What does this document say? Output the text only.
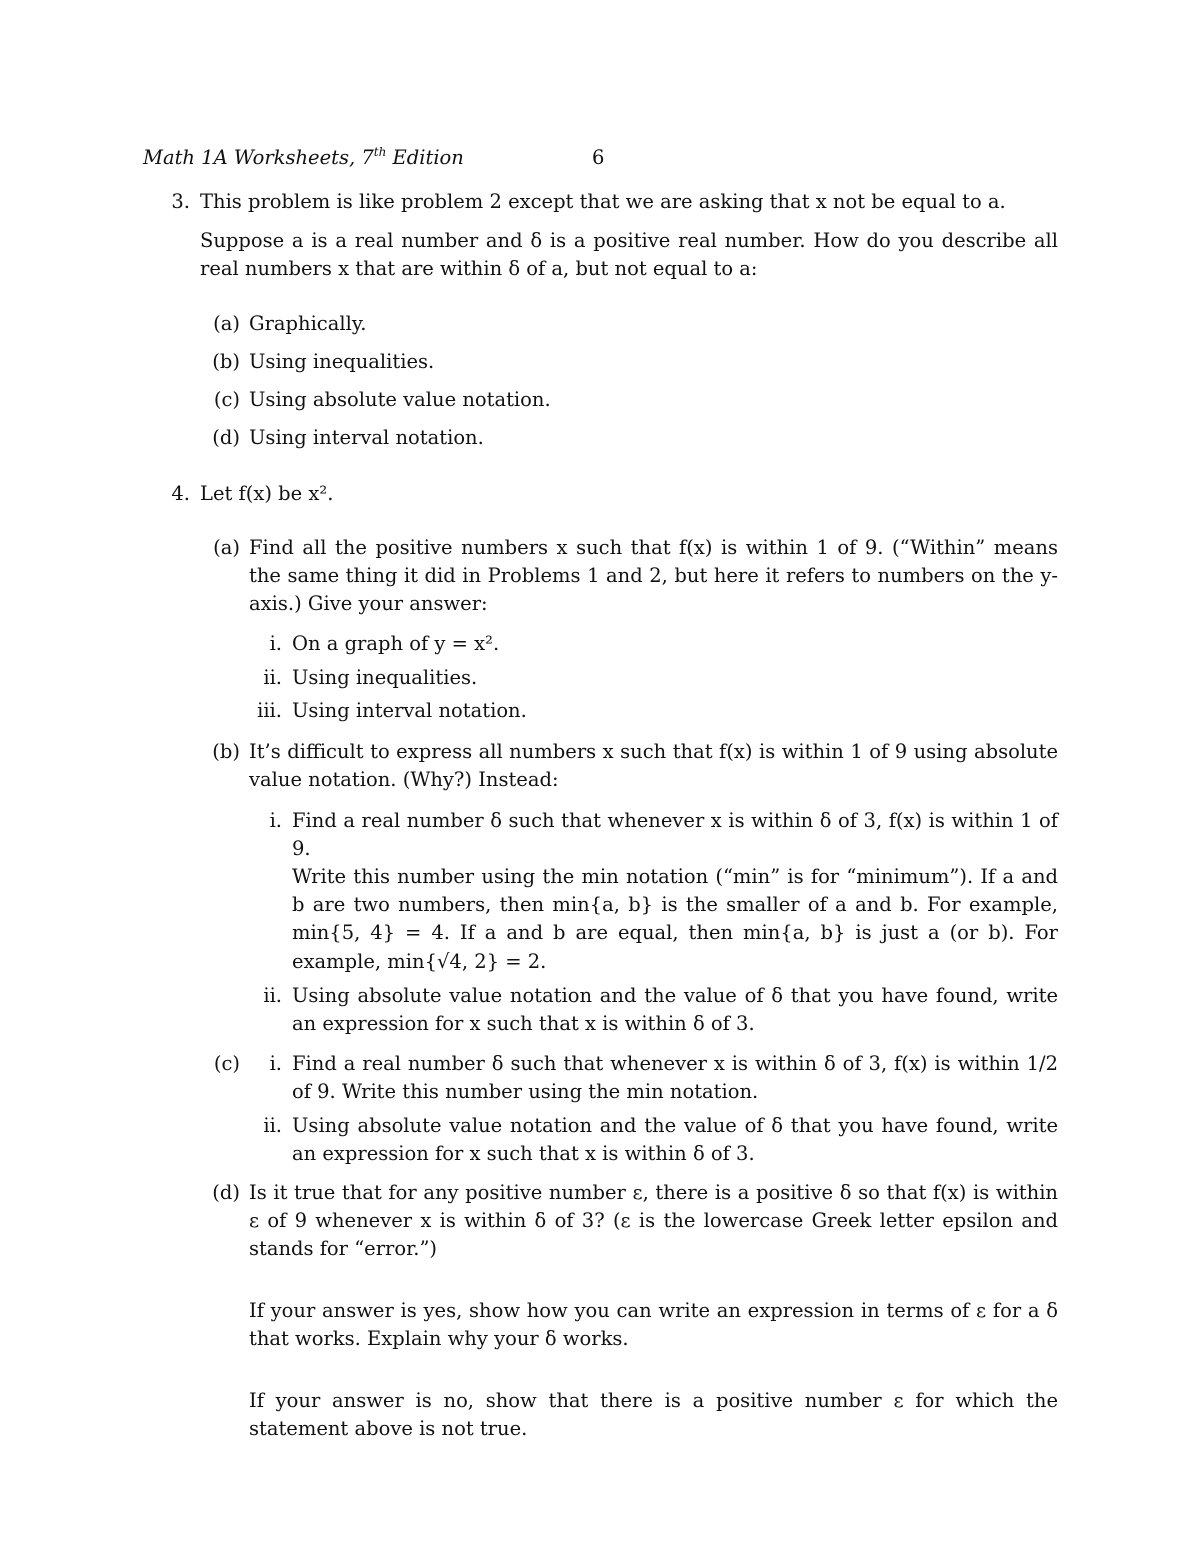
Math 1A Worksheets, 7th Edition	6
3. This problem is like problem 2 except that we are asking that x not be equal to a.
Suppose a is a real number and δ is a positive real number. How do you describe all real numbers x that are within δ of a, but not equal to a:
(a) Graphically.
(b) Using inequalities.
(c) Using absolute value notation.
(d) Using interval notation.
4. Let f(x) be x².
(a) Find all the positive numbers x such that f(x) is within 1 of 9. (“Within” means the same thing it did in Problems 1 and 2, but here it refers to numbers on the y-axis.) Give your answer:
i. On a graph of y = x².
ii. Using inequalities.
iii. Using interval notation.
(b) It’s difficult to express all numbers x such that f(x) is within 1 of 9 using absolute value notation. (Why?) Instead:
i. Find a real number δ such that whenever x is within δ of 3, f(x) is within 1 of 9.
Write this number using the min notation (“min” is for “minimum”). If a and b are two numbers, then min{a, b} is the smaller of a and b. For example, min{5, 4} = 4. If a and b are equal, then min{a, b} is just a (or b). For example, min{√4, 2} = 2.
ii. Using absolute value notation and the value of δ that you have found, write an expression for x such that x is within δ of 3.
(c)	i. Find a real number δ such that whenever x is within δ of 3, f(x) is within 1/2 of 9. Write this number using the min notation.
ii. Using absolute value notation and the value of δ that you have found, write an expression for x such that x is within δ of 3.
(d) Is it true that for any positive number ε, there is a positive δ so that f(x) is within ε of 9 whenever x is within δ of 3? (ε is the lowercase Greek letter epsilon and stands for “error.”)
If your answer is yes, show how you can write an expression in terms of ε for a δ that works. Explain why your δ works.
If your answer is no, show that there is a positive number ε for which the statement above is not true.
